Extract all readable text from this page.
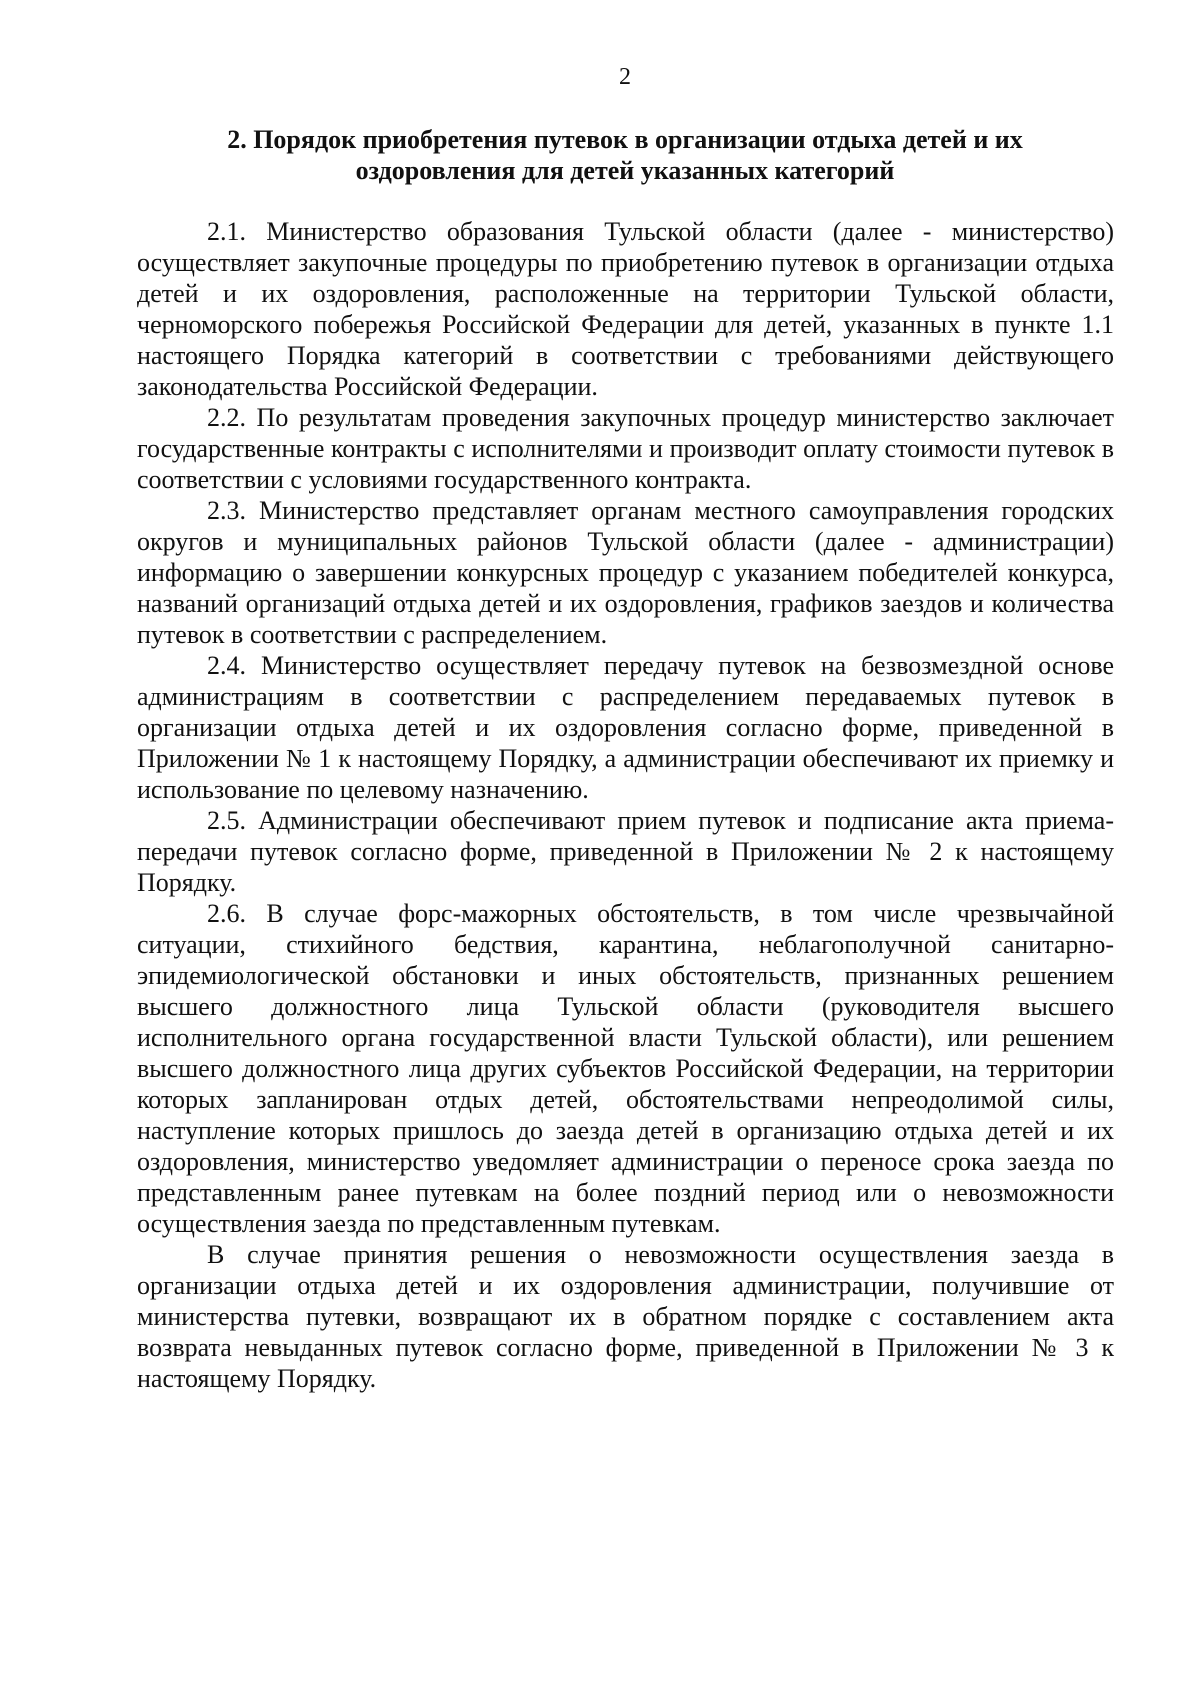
2
2. Порядок приобретения путевок в организации отдыха детей и их
оздоровления для детей указанных категорий

2.1. Министерство образования Тульской области (далее - министерство) осуществляет закупочные процедуры по приобретению путевок в организации отдыха детей и их оздоровления, расположенные на территории Тульской области, черноморского побережья Российской Федерации для детей, указанных в пункте 1.1 настоящего Порядка категорий в соответствии с требованиями действующего законодательства Российской Федерации.

2.2. По результатам проведения закупочных процедур министерство заключает государственные контракты с исполнителями и производит оплату стоимости путевок в соответствии с условиями государственного контракта.

2.3. Министерство представляет органам местного самоуправления городских округов и муниципальных районов Тульской области (далее - администрации) информацию о завершении конкурсных процедур с указанием победителей конкурса, названий организаций отдыха детей и их оздоровления, графиков заездов и количества путевок в соответствии с распределением.

2.4. Министерство осуществляет передачу путевок на безвозмездной основе администрациям в соответствии с распределением передаваемых путевок в организации отдыха детей и их оздоровления согласно форме, приведенной в Приложении № 1 к настоящему Порядку, а администрации обеспечивают их приемку и использование по целевому назначению.

2.5. Администрации обеспечивают прием путевок и подписание акта приема-передачи путевок согласно форме, приведенной в Приложении № 2 к настоящему Порядку.

2.6. В случае форс-мажорных обстоятельств, в том числе чрезвычайной ситуации, стихийного бедствия, карантина, неблагополучной санитарно-эпидемиологической обстановки и иных обстоятельств, признанных решением высшего должностного лица Тульской области (руководителя высшего исполнительного органа государственной власти Тульской области), или решением высшего должностного лица других субъектов Российской Федерации, на территории которых запланирован отдых детей, обстоятельствами непреодолимой силы, наступление которых пришлось до заезда детей в организацию отдыха детей и их оздоровления, министерство уведомляет администрации о переносе срока заезда по представленным ранее путевкам на более поздний период или о невозможности осуществления заезда по представленным путевкам.

В случае принятия решения о невозможности осуществления заезда в организации отдыха детей и их оздоровления администрации, получившие от министерства путевки, возвращают их в обратном порядке с составлением акта возврата невыданных путевок согласно форме, приведенной в Приложении № 3 к настоящему Порядку.
